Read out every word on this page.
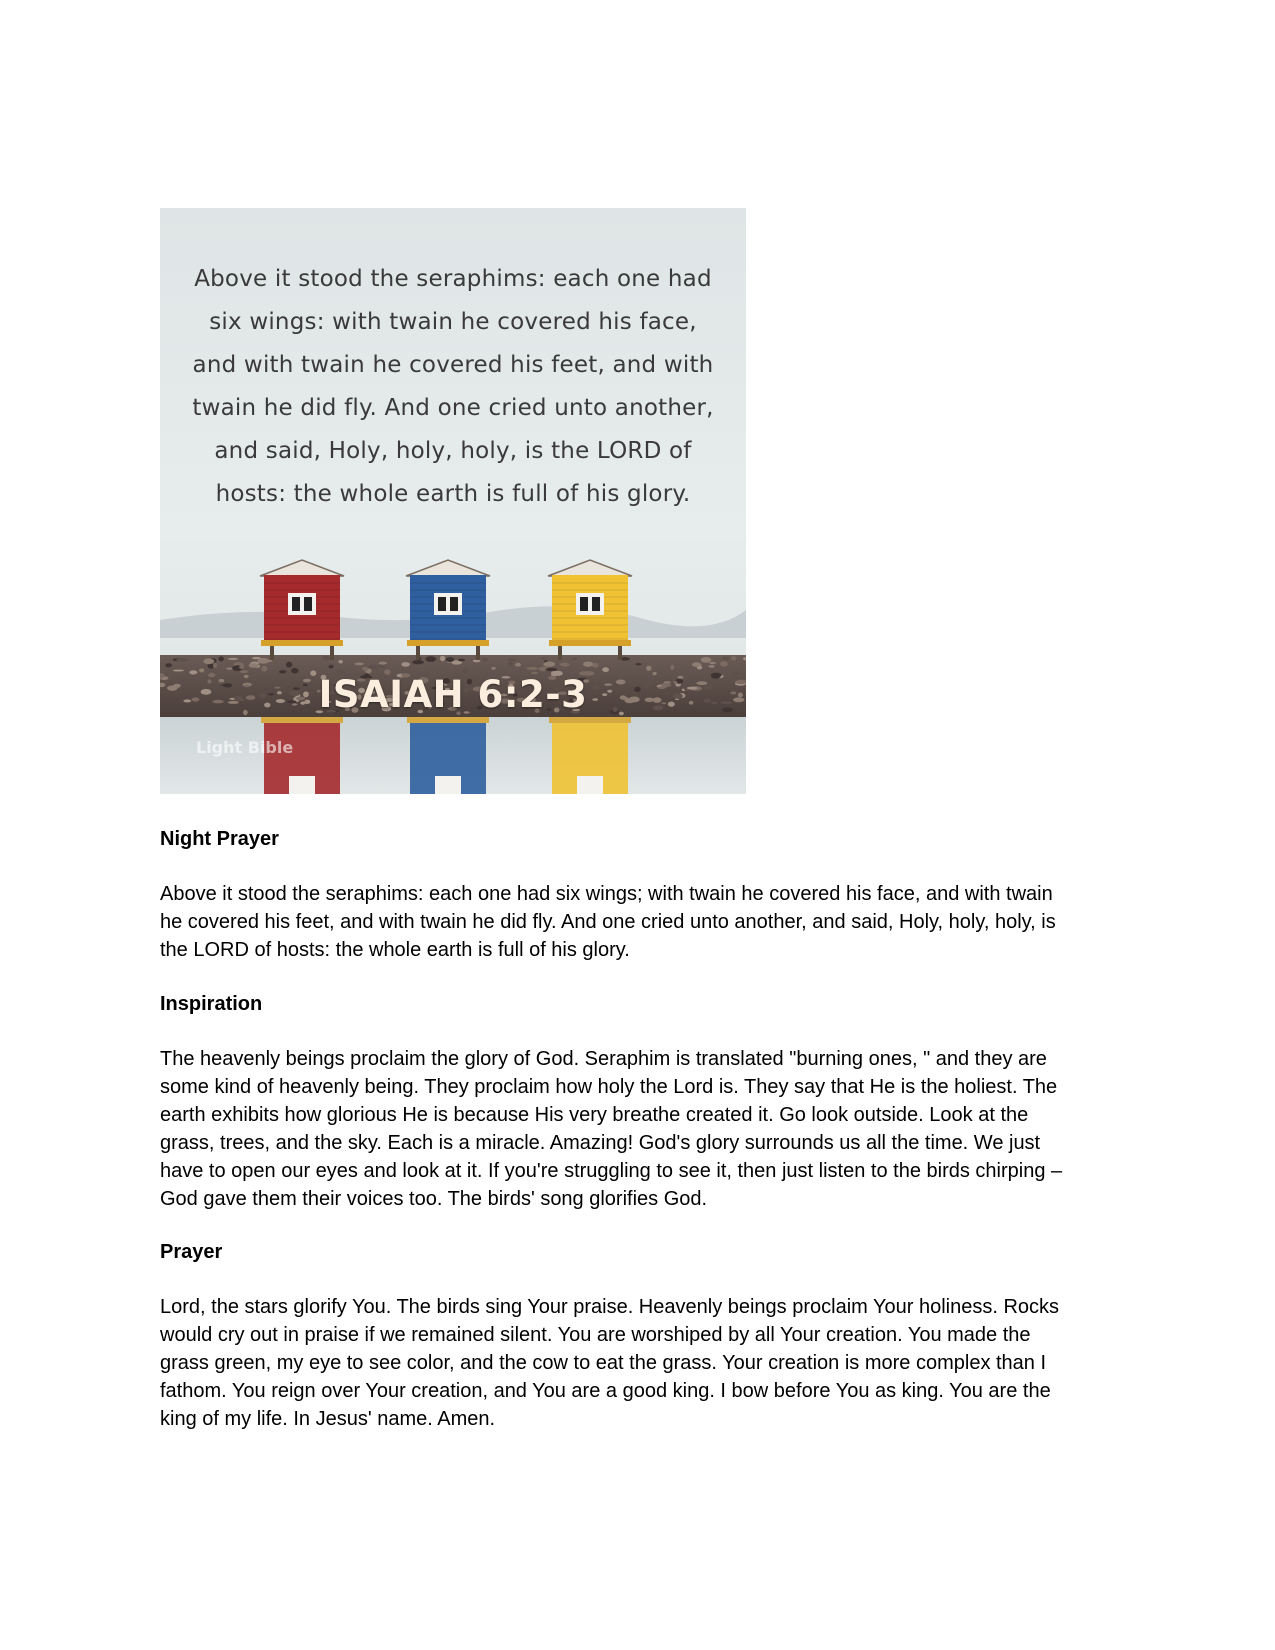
Above it stood the seraphims: each one had
six wings: with twain he covered his face,
and with twain he covered his feet, and with
twain he did fly. And one cried unto another,
and said, Holy, holy, holy, is the LORD of
hosts: the whole earth is full of his glory.

ISAIAH 6:2-3
Light Bible
Night Prayer
Above it stood the seraphims: each one had six wings; with twain he covered his face, and with twain
he covered his feet, and with twain he did fly. And one cried unto another, and said, Holy, holy, holy, is
the LORD of hosts: the whole earth is full of his glory.
Inspiration
The heavenly beings proclaim the glory of God. Seraphim is translated "burning ones, " and they are
some kind of heavenly being. They proclaim how holy the Lord is. They say that He is the holiest. The
earth exhibits how glorious He is because His very breathe created it. Go look outside. Look at the
grass, trees, and the sky. Each is a miracle. Amazing! God's glory surrounds us all the time. We just
have to open our eyes and look at it. If you're struggling to see it, then just listen to the birds chirping –
God gave them their voices too. The birds' song glorifies God.
Prayer
Lord, the stars glorify You. The birds sing Your praise. Heavenly beings proclaim Your holiness. Rocks
would cry out in praise if we remained silent. You are worshiped by all Your creation. You made the
grass green, my eye to see color, and the cow to eat the grass. Your creation is more complex than I
fathom. You reign over Your creation, and You are a good king. I bow before You as king. You are the
king of my life. In Jesus' name. Amen.
